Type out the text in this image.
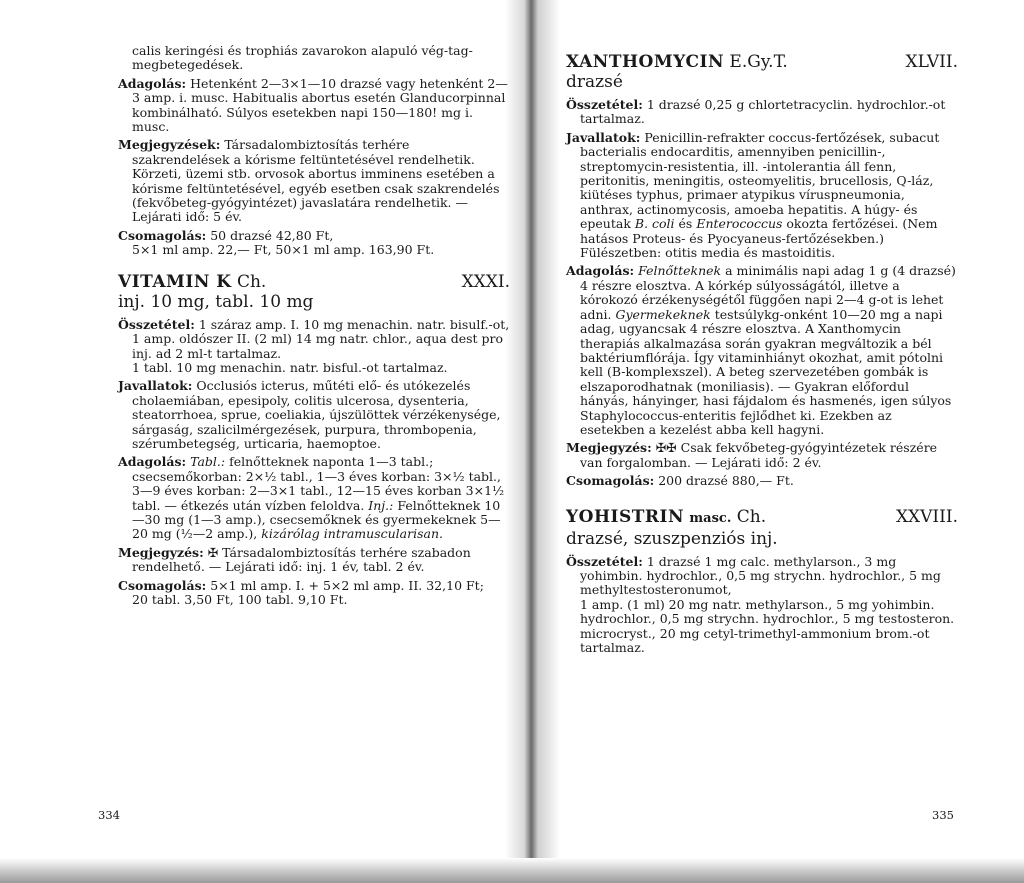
calis keringési és trophiás zavarokon alapuló vég-tag-megbetegedések.

Adagolás: Hetenként 2—3×1—10 drazsé vagy hetenként 2—3 amp. i. musc. Habitualis abortus esetén Glanducorpinnal kombinálható. Súlyos esetekben napi 150—180! mg i. musc.

Megjegyzések: Társadalombiztosítás terhére szakrendelések a kórisme feltüntetésével rendelhetik. Körzeti, üzemi stb. orvosok abortus imminens esetében a kórisme feltüntetésével, egyéb esetben csak szakrendelés (fekvőbeteg-gyógyintézet) javaslatára rendelhetik. — Lejárati idő: 5 év.

Csomagolás: 50 drazsé 42,80 Ft,
5×1 ml amp. 22,— Ft, 50×1 ml amp. 163,90 Ft.

VITAMIN K Ch.	XXXI.
inj. 10 mg, tabl. 10 mg

Összetétel: 1 száraz amp. I. 10 mg menachin. natr. bisulf.-ot,
1 amp. oldószer II. (2 ml) 14 mg natr. chlor., aqua dest pro inj. ad 2 ml-t tartalmaz.
1 tabl. 10 mg menachin. natr. bisful.-ot tartalmaz.

Javallatok: Occlusiós icterus, műtéti elő- és utókezelés cholaemiában, epesipoly, colitis ulcerosa, dysenteria, steatorrhoea, sprue, coeliakia, újszülöttek vérzékenysége, sárgaság, szalicilmérgezések, purpura, thrombopenia, szérumbetegség, urticaria, haemoptoe.

Adagolás: Tabl.: felnőtteknek naponta 1—3 tabl.; csecsemőkorban: 2×½ tabl., 1—3 éves korban: 3×½ tabl., 3—9 éves korban: 2—3×1 tabl., 12—15 éves korban 3×1½ tabl. — étkezés után vízben feloldva. Inj.: Felnőtteknek 10—30 mg (1—3 amp.), csecsemőknek és gyermekeknek 5—20 mg (½—2 amp.), kizárólag intramuscularisan.

Megjegyzés: ✠ Társadalombiztosítás terhére szabadon rendelhető. — Lejárati idő: inj. 1 év, tabl. 2 év.

Csomagolás: 5×1 ml amp. I. + 5×2 ml amp. II. 32,10 Ft;
20 tabl. 3,50 Ft, 100 tabl. 9,10 Ft.

334
XANTHOMYCIN E.Gy.T.	XLVII.
drazsé

Összetétel: 1 drazsé 0,25 g chlortetracyclin. hydrochlor.-ot tartalmaz.

Javallatok: Penicillin-refrakter coccus-fertőzések, subacut bacterialis endocarditis, amennyiben penicillin-, streptomycin-resistentia, ill. -intolerantia áll fenn, peritonitis, meningitis, osteomyelitis, brucellosis, Q-láz, kiütéses typhus, primaer atypikus víruspneumonia, anthrax, actinomycosis, amoeba hepatitis. A húgy- és epeutak B. coli és Enterococcus okozta fertőzései. (Nem hatásos Proteus- és Pyocyaneus-fertőzésekben.) Fülészetben: otitis media és mastoiditis.

Adagolás: Felnőtteknek a minimális napi adag 1 g (4 drazsé) 4 részre elosztva. A kórkép súlyosságától, illetve a kórokozó érzékenységétől függően napi 2—4 g-ot is lehet adni. Gyermekeknek testsúlykg-onként 10—20 mg a napi adag, ugyancsak 4 részre elosztva. A Xanthomycin therapiás alkalmazása során gyakran megváltozik a bél baktériumflórája. Így vitaminhiányt okozhat, amit pótolni kell (B-komplexszel). A beteg szervezetében gombák is elszaporodhatnak (moniliasis). — Gyakran előfordul hányás, hányinger, hasi fájdalom és hasmenés, igen súlyos Staphylococcus-enteritis fejlődhet ki. Ezekben az esetekben a kezelést abba kell hagyni.

Megjegyzés: ✠✠ Csak fekvőbeteg-gyógyintézetek részére van forgalomban. — Lejárati idő: 2 év.

Csomagolás: 200 drazsé 880,— Ft.

YOHISTRIN masc. Ch.	XXVIII.
drazsé, szuszpenziós inj.

Összetétel: 1 drazsé 1 mg calc. methylarson., 3 mg yohimbin. hydrochlor., 0,5 mg strychn. hydrochlor., 5 mg methyltestosteronumot,
1 amp. (1 ml) 20 mg natr. methylarson., 5 mg yohimbin. hydrochlor., 0,5 mg strychn. hydrochlor., 5 mg testosteron. microcryst., 20 mg cetyl-trimethyl-ammonium brom.-ot tartalmaz.

335
